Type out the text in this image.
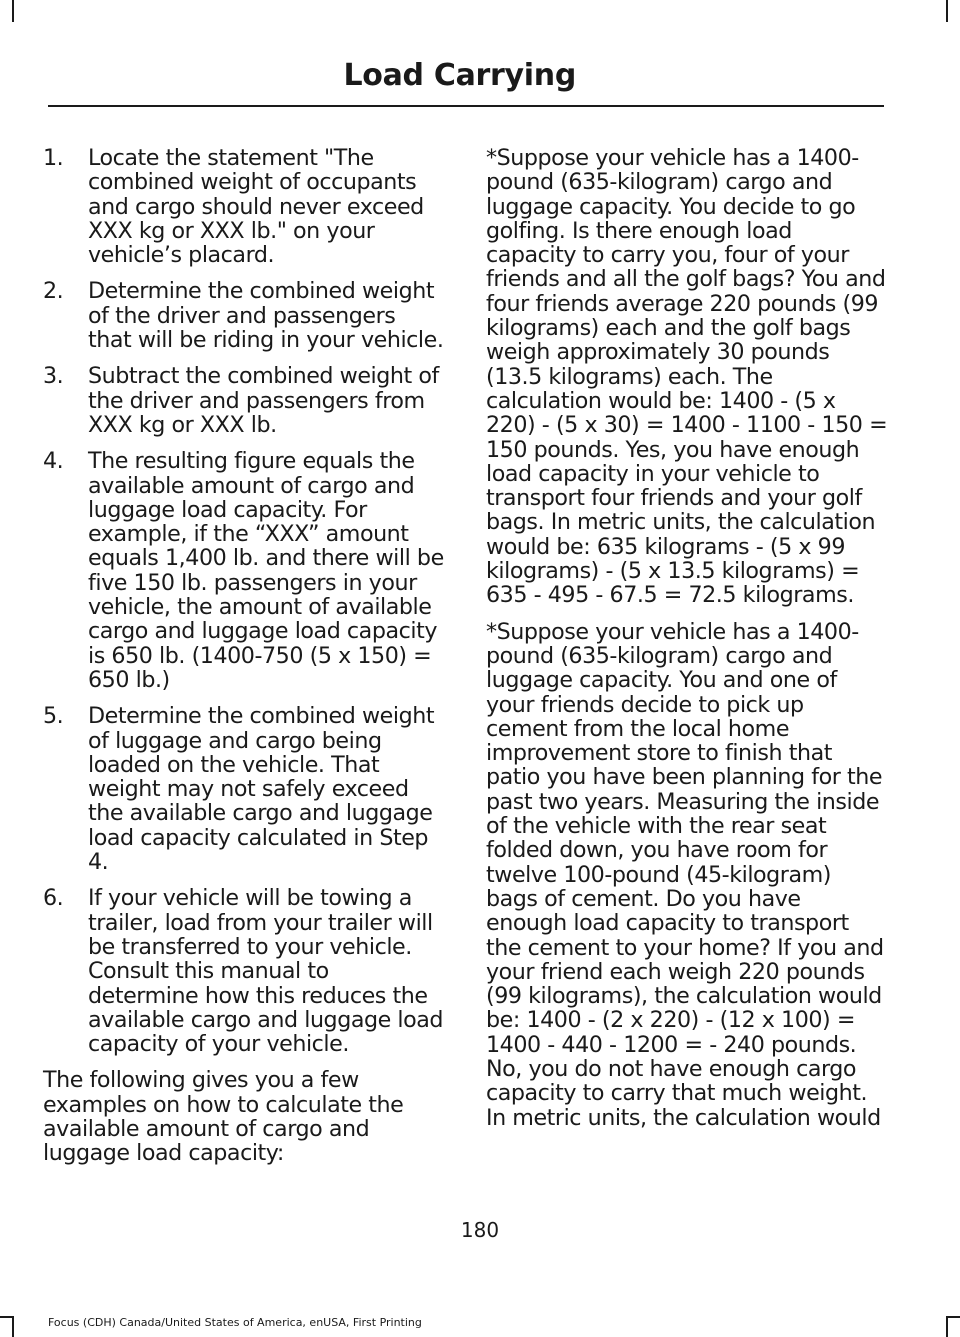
Load Carrying
1. Locate the statement "The combined weight of occupants and cargo should never exceed XXX kg or XXX lb." on your vehicle’s placard.
2. Determine the combined weight of the driver and passengers that will be riding in your vehicle.
3. Subtract the combined weight of the driver and passengers from XXX kg or XXX lb.
4. The resulting figure equals the available amount of cargo and luggage load capacity. For example, if the “XXX” amount equals 1,400 lb. and there will be five 150 lb. passengers in your vehicle, the amount of available cargo and luggage load capacity is 650 lb. (1400-750 (5 x 150) = 650 lb.)
5. Determine the combined weight of luggage and cargo being loaded on the vehicle. That weight may not safely exceed the available cargo and luggage load capacity calculated in Step 4.
6. If your vehicle will be towing a trailer, load from your trailer will be transferred to your vehicle. Consult this manual to determine how this reduces the available cargo and luggage load capacity of your vehicle.

The following gives you a few examples on how to calculate the available amount of cargo and luggage load capacity:

*Suppose your vehicle has a 1400-pound (635-kilogram) cargo and luggage capacity. You decide to go golfing. Is there enough load capacity to carry you, four of your friends and all the golf bags? You and four friends average 220 pounds (99 kilograms) each and the golf bags weigh approximately 30 pounds (13.5 kilograms) each. The calculation would be: 1400 - (5 x 220) - (5 x 30) = 1400 - 1100 - 150 = 150 pounds. Yes, you have enough load capacity in your vehicle to transport four friends and your golf bags. In metric units, the calculation would be: 635 kilograms - (5 x 99 kilograms) - (5 x 13.5 kilograms) = 635 - 495 - 67.5 = 72.5 kilograms.

*Suppose your vehicle has a 1400-pound (635-kilogram) cargo and luggage capacity. You and one of your friends decide to pick up cement from the local home improvement store to finish that patio you have been planning for the past two years. Measuring the inside of the vehicle with the rear seat folded down, you have room for twelve 100-pound (45-kilogram) bags of cement. Do you have enough load capacity to transport the cement to your home? If you and your friend each weigh 220 pounds (99 kilograms), the calculation would be: 1400 - (2 x 220) - (12 x 100) = 1400 - 440 - 1200 = - 240 pounds. No, you do not have enough cargo capacity to carry that much weight. In metric units, the calculation would

180
Focus (CDH) Canada/United States of America, enUSA, First Printing
